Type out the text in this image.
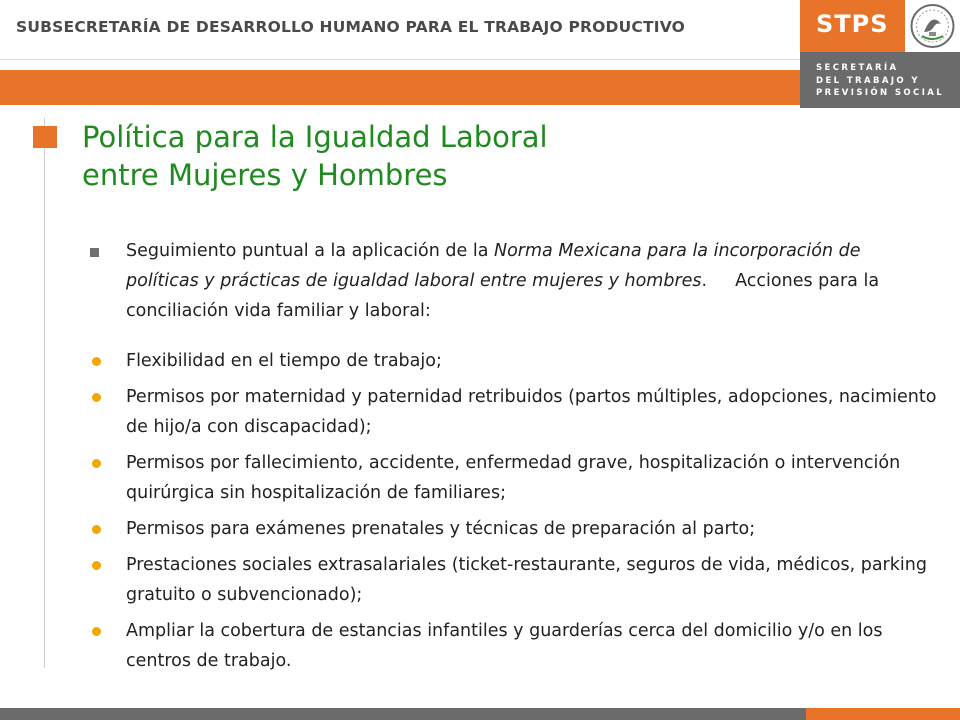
SUBSECRETARÍA DE DESARROLLO HUMANO PARA EL TRABAJO PRODUCTIVO	STPS
SECRETARÍA
DEL TRABAJO Y
PREVISIÓN SOCIAL
Política para la Igualdad Laboral
entre Mujeres y Hombres
Seguimiento puntual a la aplicación de la Norma Mexicana para la incorporación de políticas y prácticas de igualdad laboral entre mujeres y hombres. Acciones para la conciliación vida familiar y laboral:
Flexibilidad en el tiempo de trabajo;
Permisos por maternidad y paternidad retribuidos (partos múltiples, adopciones, nacimiento de hijo/a con discapacidad);
Permisos por fallecimiento, accidente, enfermedad grave, hospitalización o intervención quirúrgica sin hospitalización de familiares;
Permisos para exámenes prenatales y técnicas de preparación al parto;
Prestaciones sociales extrasalariales (ticket-restaurante, seguros de vida, médicos, parking gratuito o subvencionado);
Ampliar la cobertura de estancias infantiles y guarderías cerca del domicilio y/o en los centros de trabajo.
